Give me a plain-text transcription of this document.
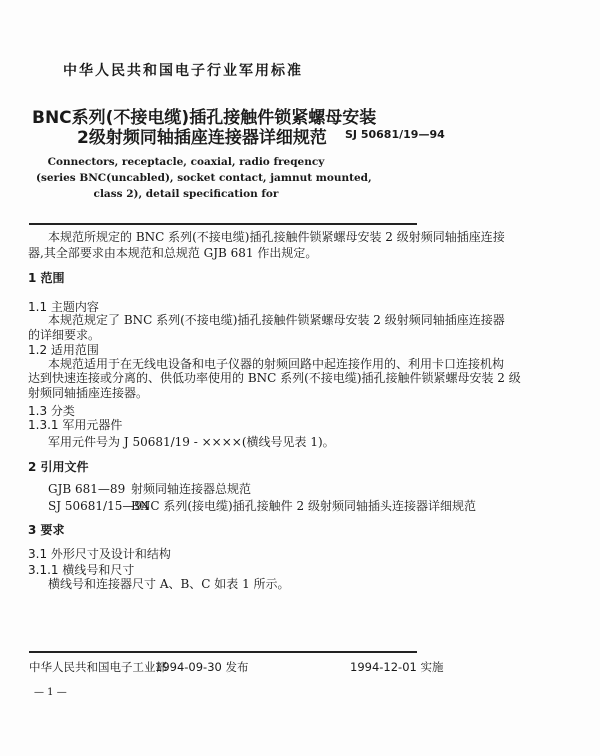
中华人民共和国电子行业军用标准
BNC系列(不接电缆)插孔接触件锁紧螺母安装
2级射频同轴插座连接器详细规范 SJ 50681/19—94
Connectors, receptacle, coaxial, radio freqency
(series BNC(uncabled), socket contact, jamnut mounted,
class 2), detail specification for
本规范所规定的 BNC 系列(不接电缆)插孔接触件锁紧螺母安装 2 级射频同轴插座连接
器,其全部要求由本规范和总规范 GJB 681 作出规定。
1 范围
1.1 主题内容
本规范规定了 BNC 系列(不接电缆)插孔接触件锁紧螺母安装 2 级射频同轴插座连接器
的详细要求。
1.2 适用范围
本规范适用于在无线电设备和电子仪器的射频回路中起连接作用的、利用卡口连接机构
达到快速连接或分离的、供低功率使用的 BNC 系列(不接电缆)插孔接触件锁紧螺母安装 2 级
射频同轴插座连接器。
1.3 分类
1.3.1 军用元器件
军用元件号为 J 50681/19 - ××××(横线号见表 1)。
2 引用文件
GJB 681—89 射频同轴连接器总规范
SJ 50681/15—94
BNC 系列(接电缆)插孔接触件 2 级射频同轴插头连接器详细规范
3 要求
3.1 外形尺寸及设计和结构
3.1.1 横线号和尺寸
横线号和连接器尺寸 A、B、C 如表 1 所示。
中华人民共和国电子工业部
1994-09-30 发布	1994-12-01 实施
— 1 —
